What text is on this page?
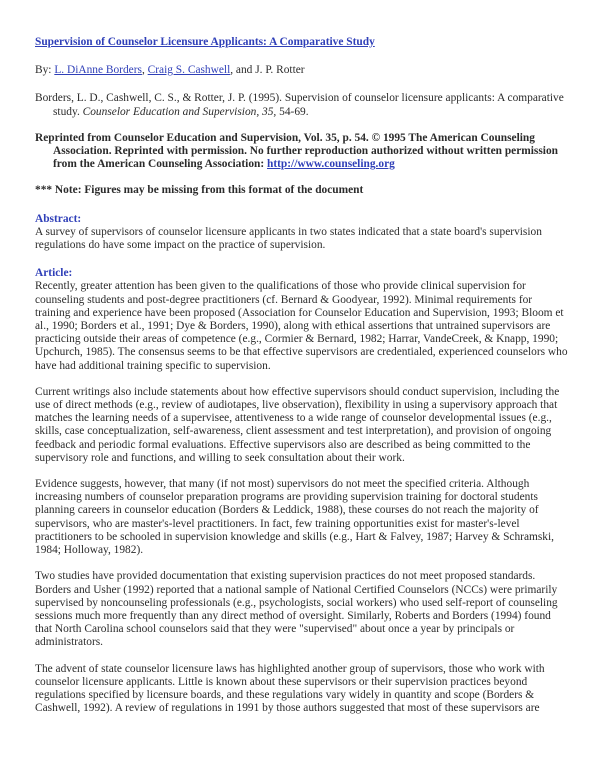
Supervision of Counselor Licensure Applicants: A Comparative Study

By: L. DiAnne Borders, Craig S. Cashwell, and J. P. Rotter
Borders, L. D., Cashwell, C. S., & Rotter, J. P. (1995). Supervision of counselor licensure applicants: A comparative study. Counselor Education and Supervision, 35, 54-69.
Reprinted from Counselor Education and Supervision, Vol. 35, p. 54. © 1995 The American Counseling Association. Reprinted with permission. No further reproduction authorized without written permission from the American Counseling Association: http://www.counseling.org
*** Note: Figures may be missing from this format of the document
Abstract:

A survey of supervisors of counselor licensure applicants in two states indicated that a state board's supervision regulations do have some impact on the practice of supervision.

Article:

Recently, greater attention has been given to the qualifications of those who provide clinical supervision for counseling students and post-degree practitioners (cf. Bernard & Goodyear, 1992). Minimal requirements for training and experience have been proposed (Association for Counselor Education and Supervision, 1993; Bloom et al., 1990; Borders et al., 1991; Dye & Borders, 1990), along with ethical assertions that untrained supervisors are practicing outside their areas of competence (e.g., Cormier & Bernard, 1982; Harrar, VandeCreek, & Knapp, 1990; Upchurch, 1985). The consensus seems to be that effective supervisors are credentialed, experienced counselors who have had additional training specific to supervision.

Current writings also include statements about how effective supervisors should conduct supervision, including the use of direct methods (e.g., review of audiotapes, live observation), flexibility in using a supervisory approach that matches the learning needs of a supervisee, attentiveness to a wide range of counselor developmental issues (e.g., skills, case conceptualization, self-awareness, client assessment and test interpretation), and provision of ongoing feedback and periodic formal evaluations. Effective supervisors also are described as being committed to the supervisory role and functions, and willing to seek consultation about their work.

Evidence suggests, however, that many (if not most) supervisors do not meet the specified criteria. Although increasing numbers of counselor preparation programs are providing supervision training for doctoral students planning careers in counselor education (Borders & Leddick, 1988), these courses do not reach the majority of supervisors, who are master's-level practitioners. In fact, few training opportunities exist for master's-level practitioners to be schooled in supervision knowledge and skills (e.g., Hart & Falvey, 1987; Harvey & Schramski, 1984; Holloway, 1982).

Two studies have provided documentation that existing supervision practices do not meet proposed standards. Borders and Usher (1992) reported that a national sample of National Certified Counselors (NCCs) were primarily supervised by noncounseling professionals (e.g., psychologists, social workers) who used self-report of counseling sessions much more frequently than any direct method of oversight. Similarly, Roberts and Borders (1994) found that North Carolina school counselors said that they were "supervised" about once a year by principals or administrators.

The advent of state counselor licensure laws has highlighted another group of supervisors, those who work with counselor licensure applicants. Little is known about these supervisors or their supervision practices beyond regulations specified by licensure boards, and these regulations vary widely in quantity and scope (Borders & Cashwell, 1992). A review of regulations in 1991 by those authors suggested that most of these supervisors are
